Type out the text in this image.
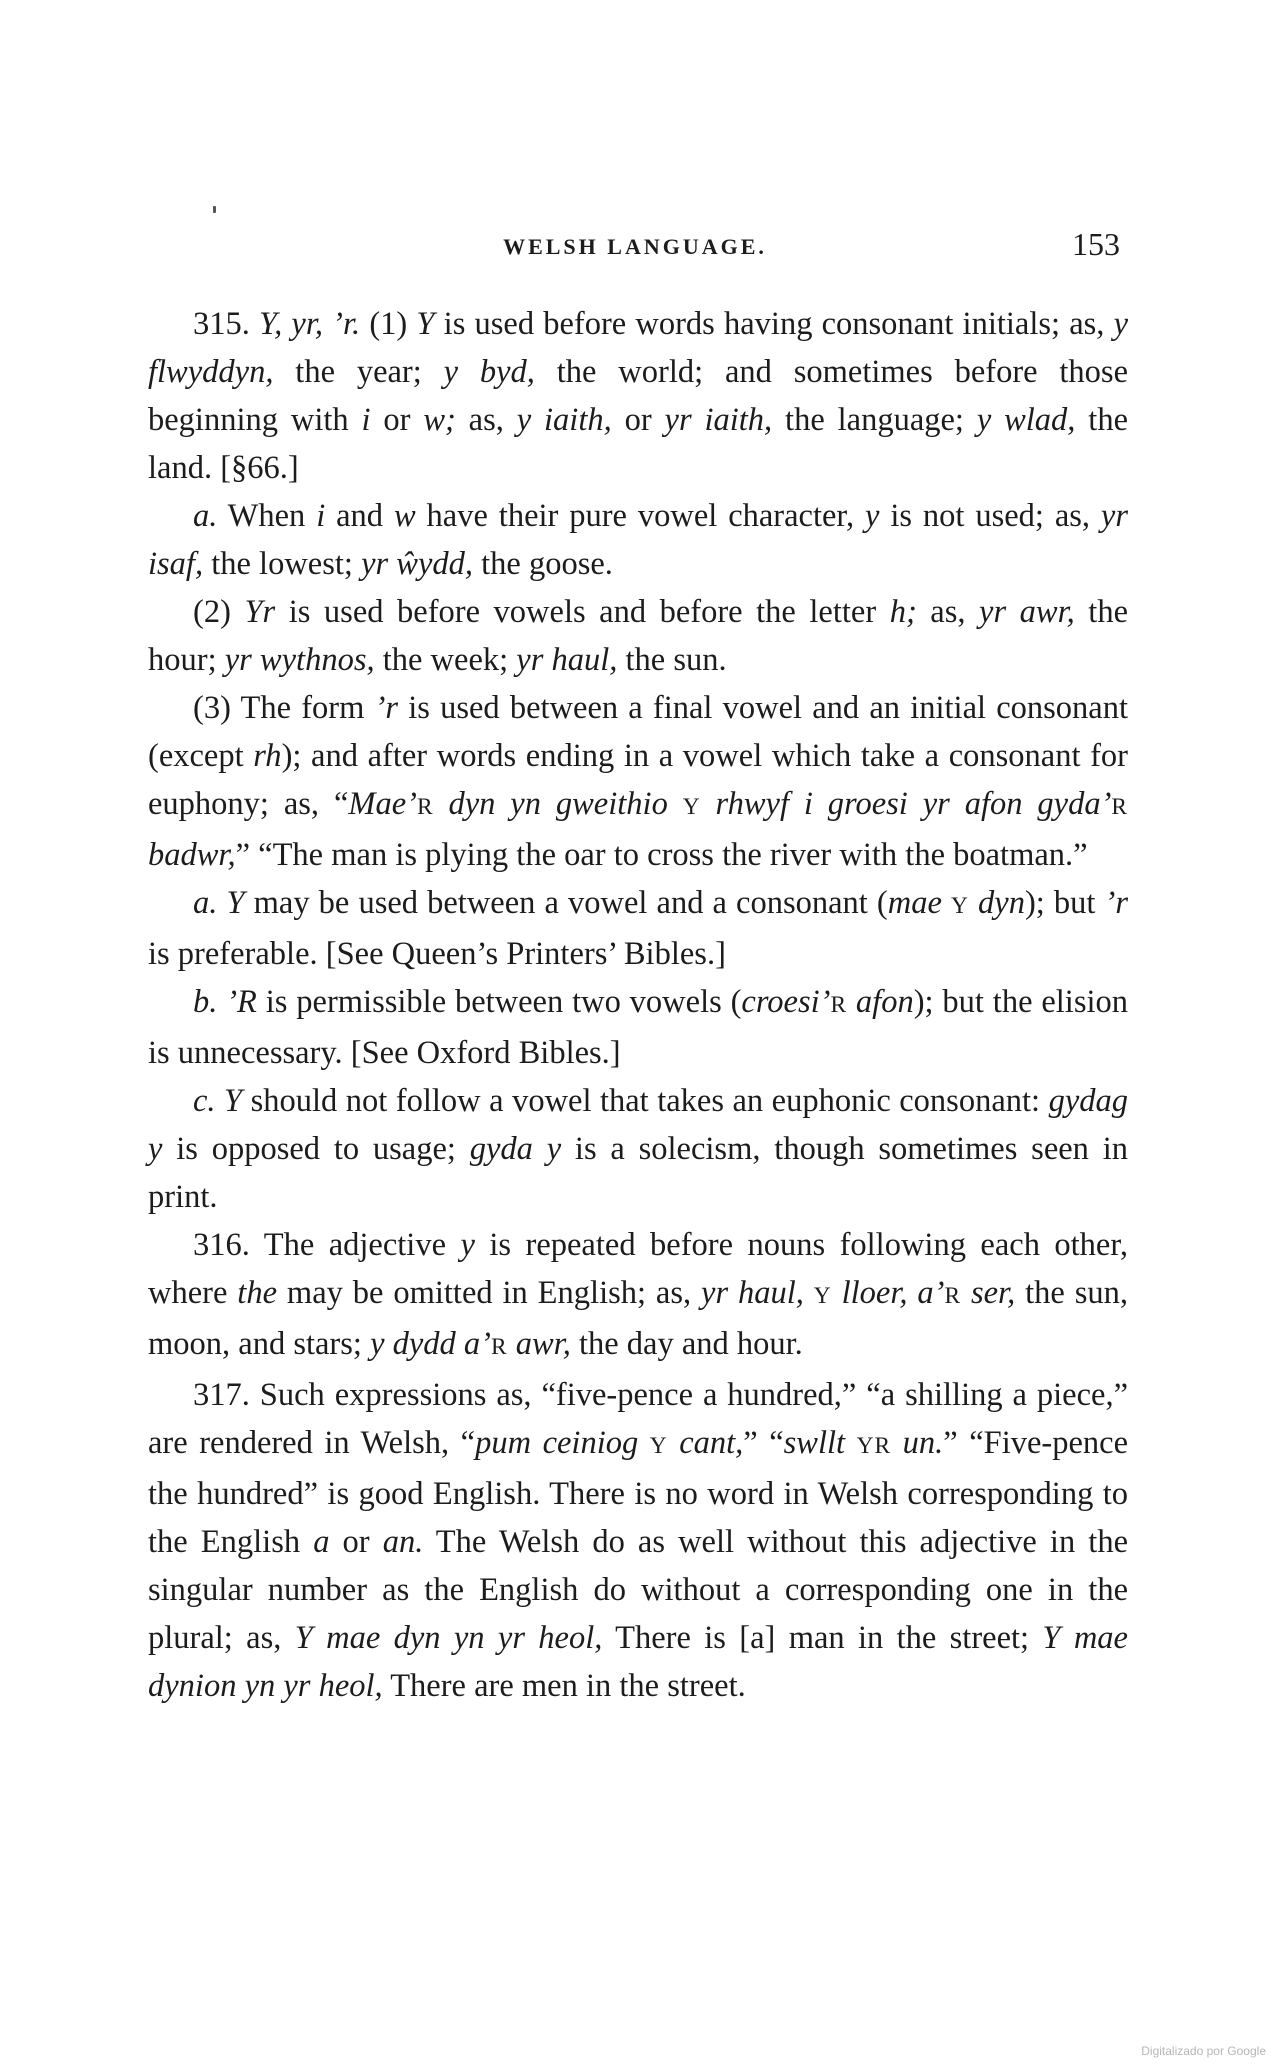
WELSH LANGUAGE.	153

315. Y, yr, ’r. (1) Y is used before words having consonant initials; as, y flwyddyn, the year; y byd, the world; and sometimes before those beginning with i or w; as, y iaith, or yr iaith, the language; y wlad, the land. [§66.]

a. When i and w have their pure vowel character, y is not used; as, yr isaf, the lowest; yr ŵydd, the goose.

(2) Yr is used before vowels and before the letter h; as, yr awr, the hour; yr wythnos, the week; yr haul, the sun.

(3) The form ’r is used between a final vowel and an initial consonant (except rh); and after words ending in a vowel which take a consonant for euphony; as, “Mae’R dyn yn gweithio Y rhwyf i groesi yr afon gyda’R badwr,” “The man is plying the oar to cross the river with the boatman.”

a. Y may be used between a vowel and a consonant (mae Y dyn); but ’r is preferable. [See Queen’s Printers’ Bibles.]

b. ’R is permissible between two vowels (croesi’R afon); but the elision is unnecessary. [See Oxford Bibles.]

c. Y should not follow a vowel that takes an euphonic consonant: gydag y is opposed to usage; gyda y is a solecism, though sometimes seen in print.

316. The adjective y is repeated before nouns following each other, where the may be omitted in English; as, yr haul, Y lloer, a’R ser, the sun, moon, and stars; y dydd a’R awr, the day and hour.

317. Such expressions as, “five-pence a hundred,” “a shilling a piece,” are rendered in Welsh, “pum ceiniog Y cant,” “swllt YR un.” “Five-pence the hundred” is good English. There is no word in Welsh corresponding to the English a or an. The Welsh do as well without this adjective in the singular number as the English do without a corresponding one in the plural; as, Y mae dyn yn yr heol, There is [a] man in the street; Y mae dynion yn yr heol, There are men in the street.

Digitalizado por Google
